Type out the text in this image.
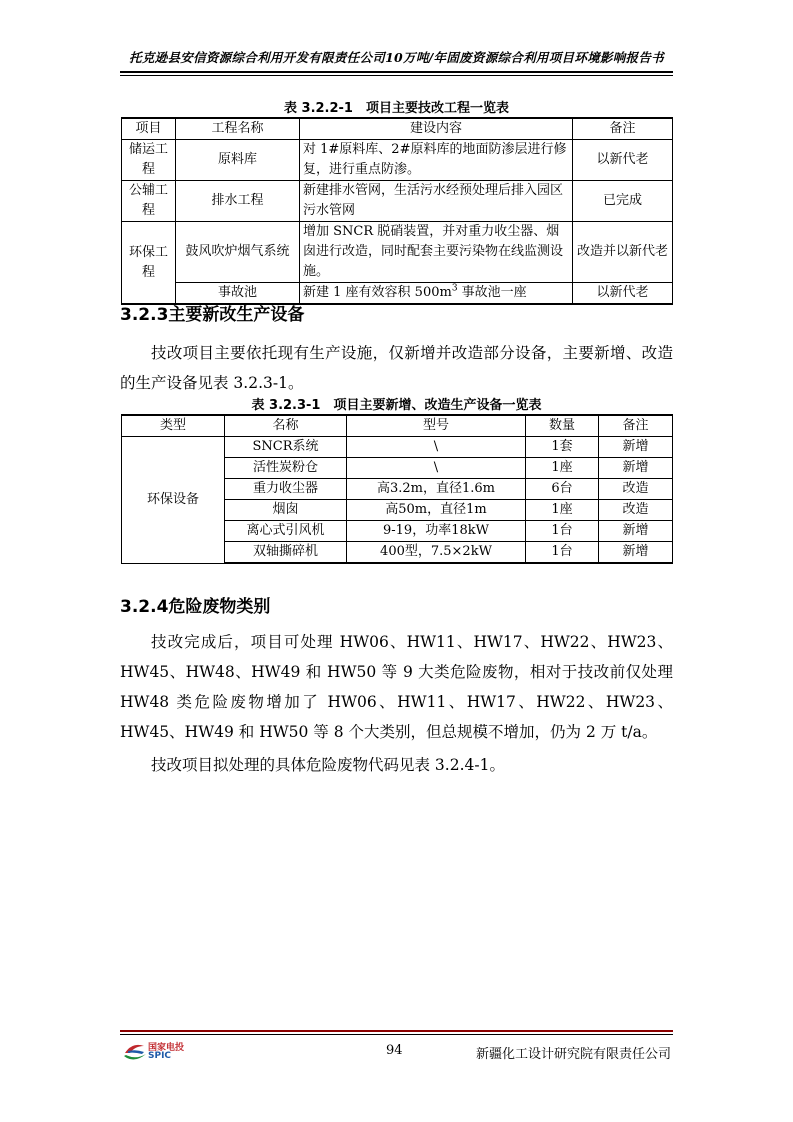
托克逊县安信资源综合利用开发有限责任公司10万吨/年固废资源综合利用项目环境影响报告书
表 3.2.2-1　项目主要技改工程一览表
项目	工程名称	建设内容	备注
储运工程	原料库	对 1#原料库、2#原料库的地面防渗层进行修复，进行重点防渗。	以新代老
公辅工程	排水工程	新建排水管网，生活污水经预处理后排入园区污水管网	已完成
环保工程	鼓风吹炉烟气系统	增加 SNCR 脱硝装置，并对重力收尘器、烟囱进行改造，同时配套主要污染物在线监测设施。	改造并以新代老
	事故池	新建 1 座有效容积 $500m^3$ 事故池一座	以新代老
3.2.3主要新改生产设备
技改项目主要依托现有生产设施，仅新增并改造部分设备，主要新增、改造的生产设备见表 3.2.3-1。
表 3.2.3-1　项目主要新增、改造生产设备一览表
类型	名称	型号	数量	备注
环保设备	SNCR系统	\	1套	新增
	活性炭粉仓	\	1座	新增
	重力收尘器	高3.2m，直径1.6m	6台	改造
	烟囱	高50m，直径1m	1座	改造
	离心式引风机	9-19，功率18kW	1台	新增
	双轴撕碎机	400型，7.5×2kW	1台	新增
3.2.4危险废物类别
技改完成后，项目可处理 HW06、HW11、HW17、HW22、HW23、HW45、HW48、HW49 和 HW50 等 9 大类危险废物，相对于技改前仅处理 HW48 类危险废物增加了 HW06、HW11、HW17、HW22、HW23、HW45、HW49 和 HW50 等 8 个大类别，但总规模不增加，仍为 2 万 t/a。
技改项目拟处理的具体危险废物代码见表 3.2.4-1。
国家电投
SPIC	94	新疆化工设计研究院有限责任公司
